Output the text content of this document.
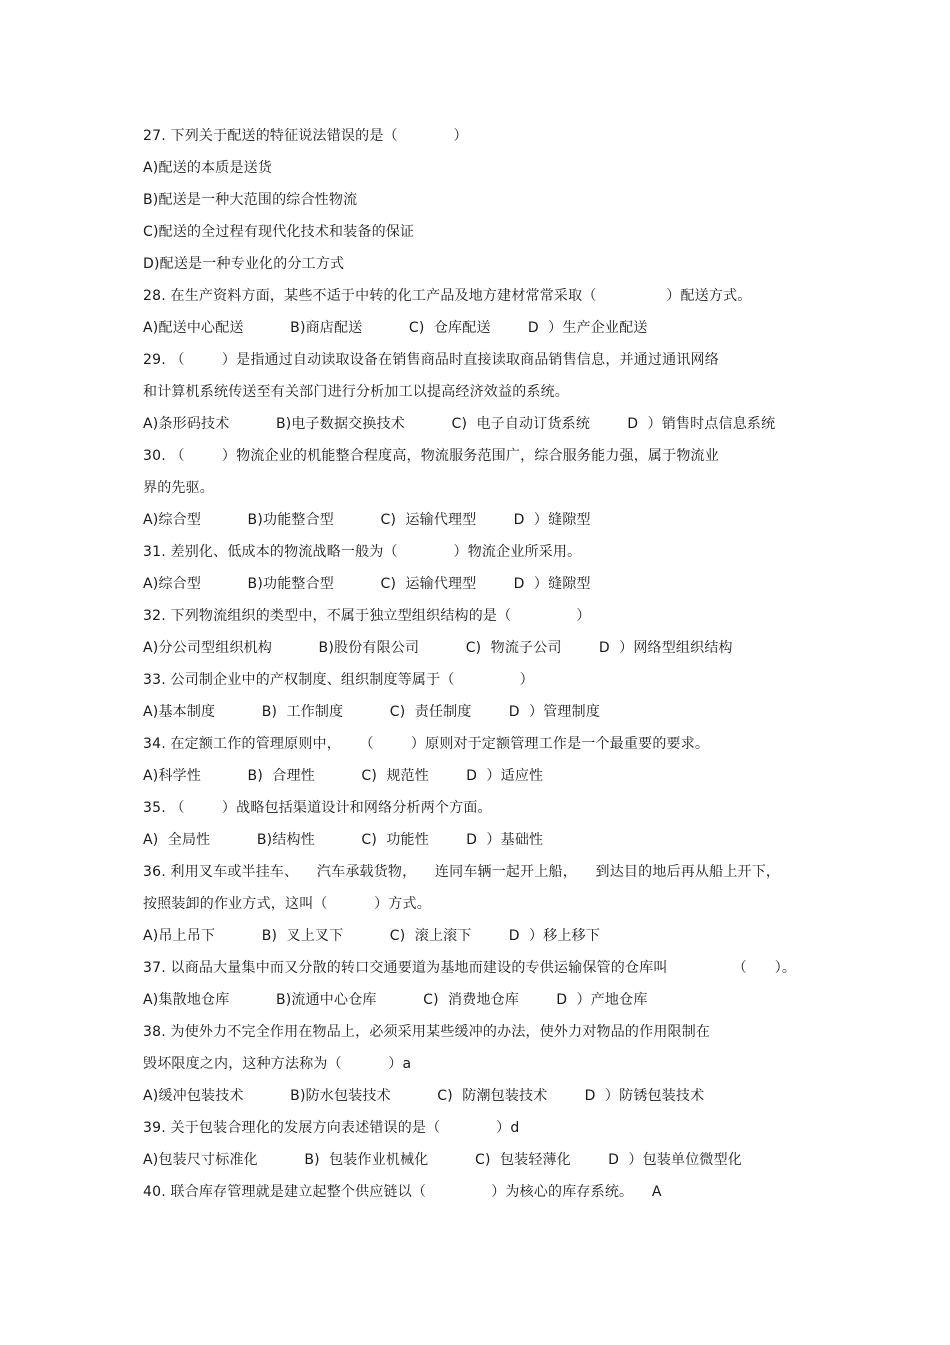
27. 下列关于配送的特征说法错误的是（            ）
A)配送的本质是送货
B)配送是一种大范围的综合性物流
C)配送的全过程有现代化技术和装备的保证
D)配送是一种专业化的分工方式
28. 在生产资料方面，某些不适于中转的化工产品及地方建材常常采取（               ）配送方式。
A)配送中心配送          B)商店配送          C)  仓库配送        D  ）生产企业配送
29. （        ）是指通过自动读取设备在销售商品时直接读取商品销售信息，并通过通讯网络
和计算机系统传送至有关部门进行分析加工以提高经济效益的系统。
A)条形码技术          B)电子数据交换技术          C)  电子自动订货系统        D  ）销售时点信息系统
30. （        ）物流企业的机能整合程度高，物流服务范围广，综合服务能力强，属于物流业
界的先驱。
A)综合型          B)功能整合型          C)  运输代理型        D  ）缝隙型
31. 差别化、低成本的物流战略一般为（            ）物流企业所采用。
A)综合型          B)功能整合型          C)  运输代理型        D  ）缝隙型
32. 下列物流组织的类型中，不属于独立型组织结构的是（              ）
A)分公司型组织机构          B)股份有限公司          C)  物流子公司        D  ）网络型组织结构
33. 公司制企业中的产权制度、组织制度等属于（              ）
A)基本制度          B)  工作制度          C)  责任制度        D  ）管理制度
34. 在定额工作的管理原则中，    （        ）原则对于定额管理工作是一个最重要的要求。
A)科学性          B)  合理性          C)  规范性        D  ）适应性
35. （        ）战略包括渠道设计和网络分析两个方面。
A)  全局性          B)结构性          C)  功能性        D  ）基础性
36. 利用叉车或半挂车、    汽车承载货物，    连同车辆一起开上船，    到达目的地后再从船上开下，
按照装卸的作业方式，这叫（          ）方式。
A)吊上吊下          B)  叉上叉下          C)  滚上滚下        D  ）移上移下
37. 以商品大量集中而又分散的转口交通要道为基地而建设的专供运输保管的仓库叫              （      ）。
A)集散地仓库          B)流通中心仓库          C)  消费地仓库        D  ）产地仓库
38. 为使外力不完全作用在物品上，必须采用某些缓冲的办法，使外力对物品的作用限制在
毁坏限度之内，这种方法称为（          ）a
A)缓冲包装技术          B)防水包装技术          C)  防潮包装技术        D  ）防锈包装技术
39. 关于包装合理化的发展方向表述错误的是（            ）d
A)包装尺寸标准化          B)  包装作业机械化          C)  包装轻薄化        D  ）包装单位微型化
40. 联合库存管理就是建立起整个供应链以（              ）为核心的库存系统。    A
